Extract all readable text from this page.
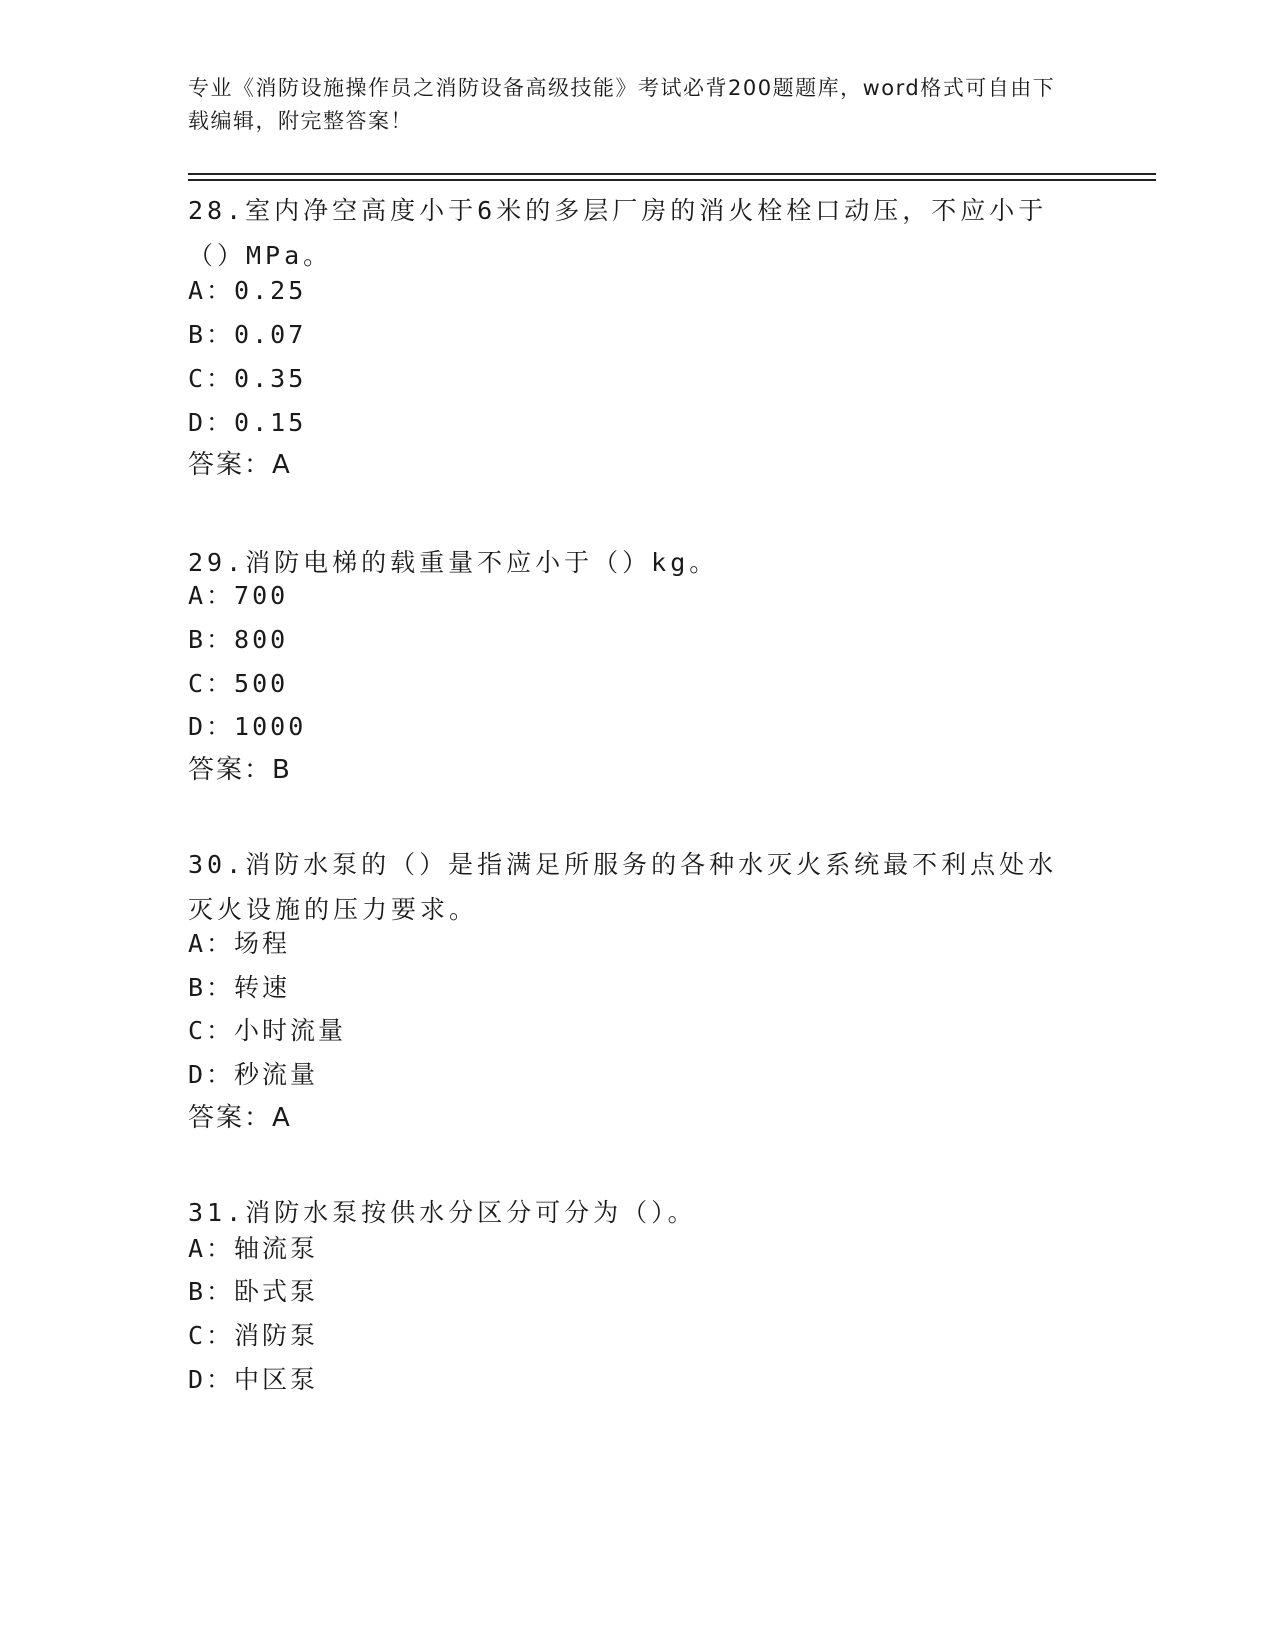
专业《消防设施操作员之消防设备高级技能》考试必背200题题库，word格式可自由下载编辑，附完整答案！
28.室内净空高度小于6米的多层厂房的消火栓栓口动压，不应小于（）MPa。
A：0.25
B：0.07
C：0.35
D：0.15
答案：A
29.消防电梯的载重量不应小于（）kg。
A：700
B：800
C：500
D：1000
答案：B
30.消防水泵的（）是指满足所服务的各种水灭火系统最不利点处水灭火设施的压力要求。
A：场程
B：转速
C：小时流量
D：秒流量
答案：A
31.消防水泵按供水分区分可分为（）。
A：轴流泵
B：卧式泵
C：消防泵
D：中区泵
